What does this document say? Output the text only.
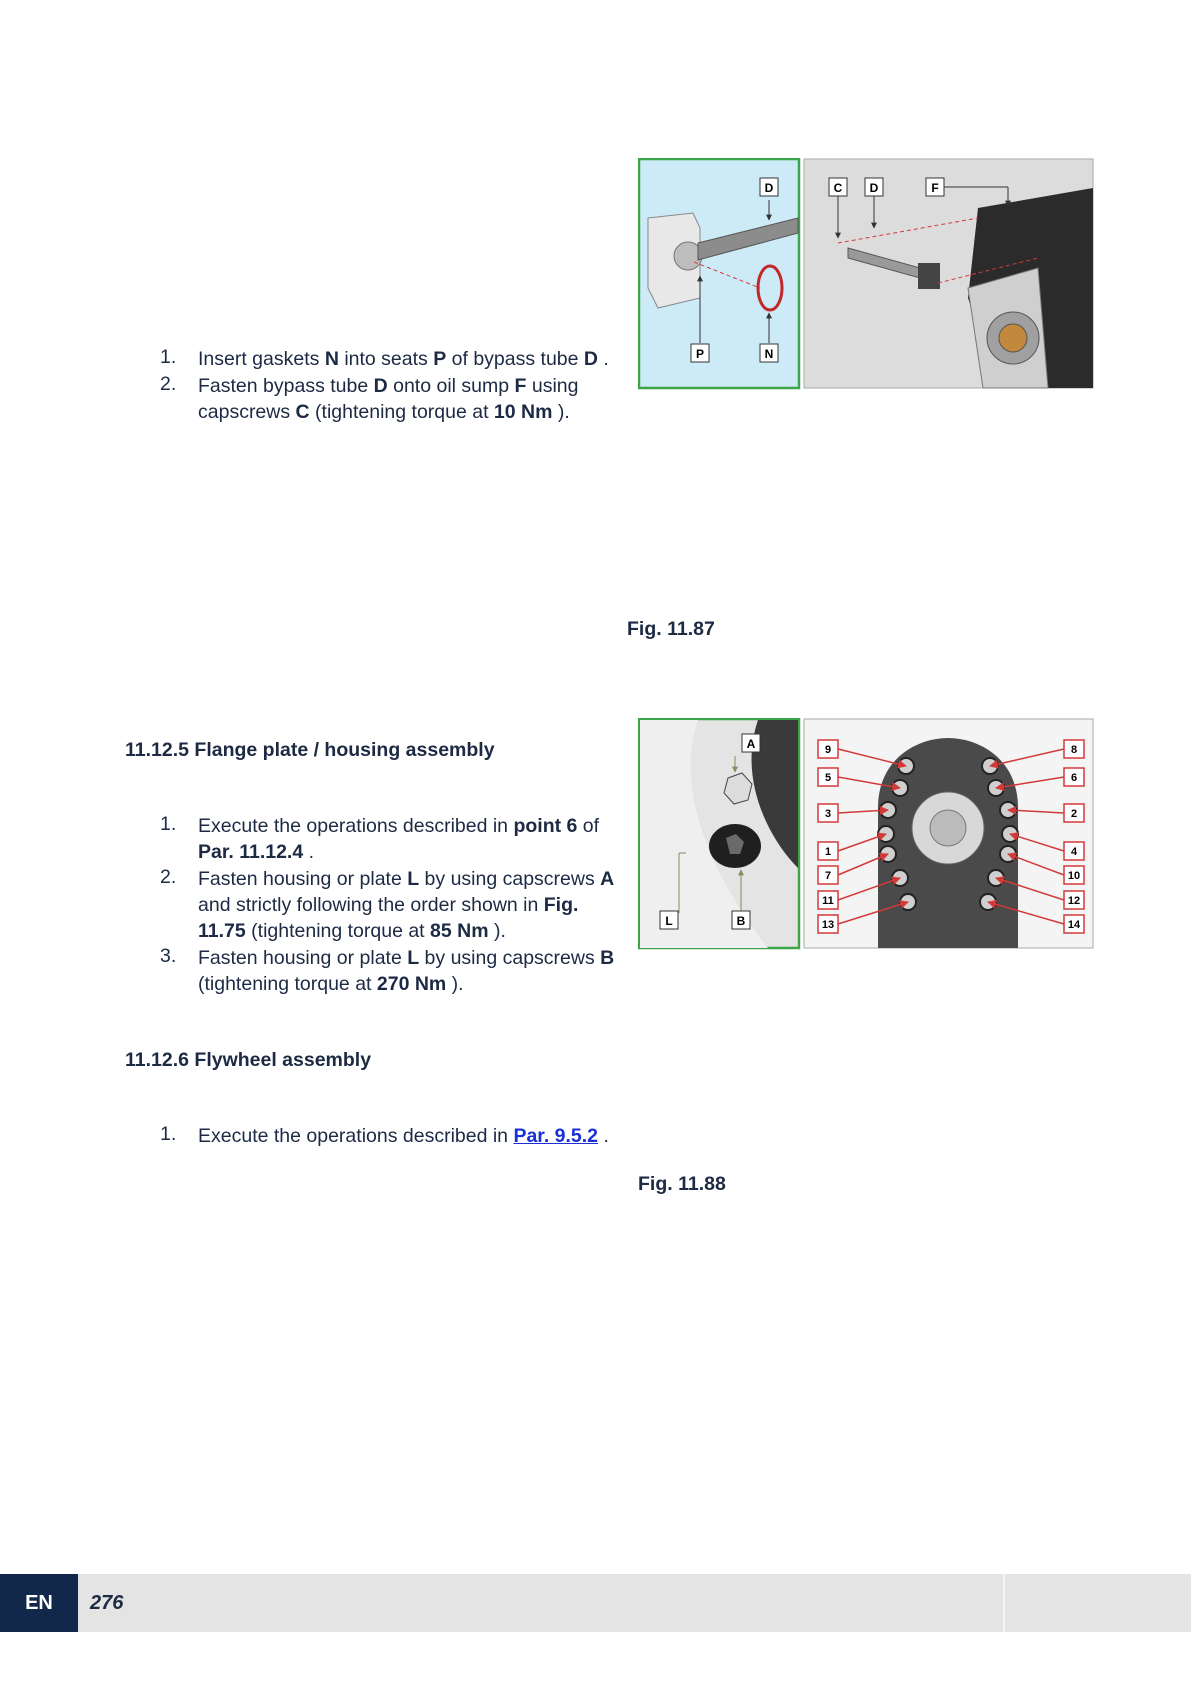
1.	Insert gaskets N into seats P of bypass tube D .
2.	Fasten bypass tube D onto oil sump F using capscrews C (tightening torque at 10 Nm ).
D
P	N
C D	F
Fig. 11.87
11.12.5 Flange plate / housing assembly
1.	Execute the operations described in point 6 of Par. 11.12.4 .
2.	Fasten housing or plate L by using capscrews A and strictly following the order shown in Fig. 11.75 (tightening torque at 85 Nm ).
3.	Fasten housing or plate L by using capscrews B (tightening torque at 270 Nm ).
A
L	B
9
5
3
1
7
11
13
8
6
2
4
10
12
14
Fig. 11.88
11.12.6 Flywheel assembly
1.	Execute the operations described in Par. 9.5.2 .
EN	276
